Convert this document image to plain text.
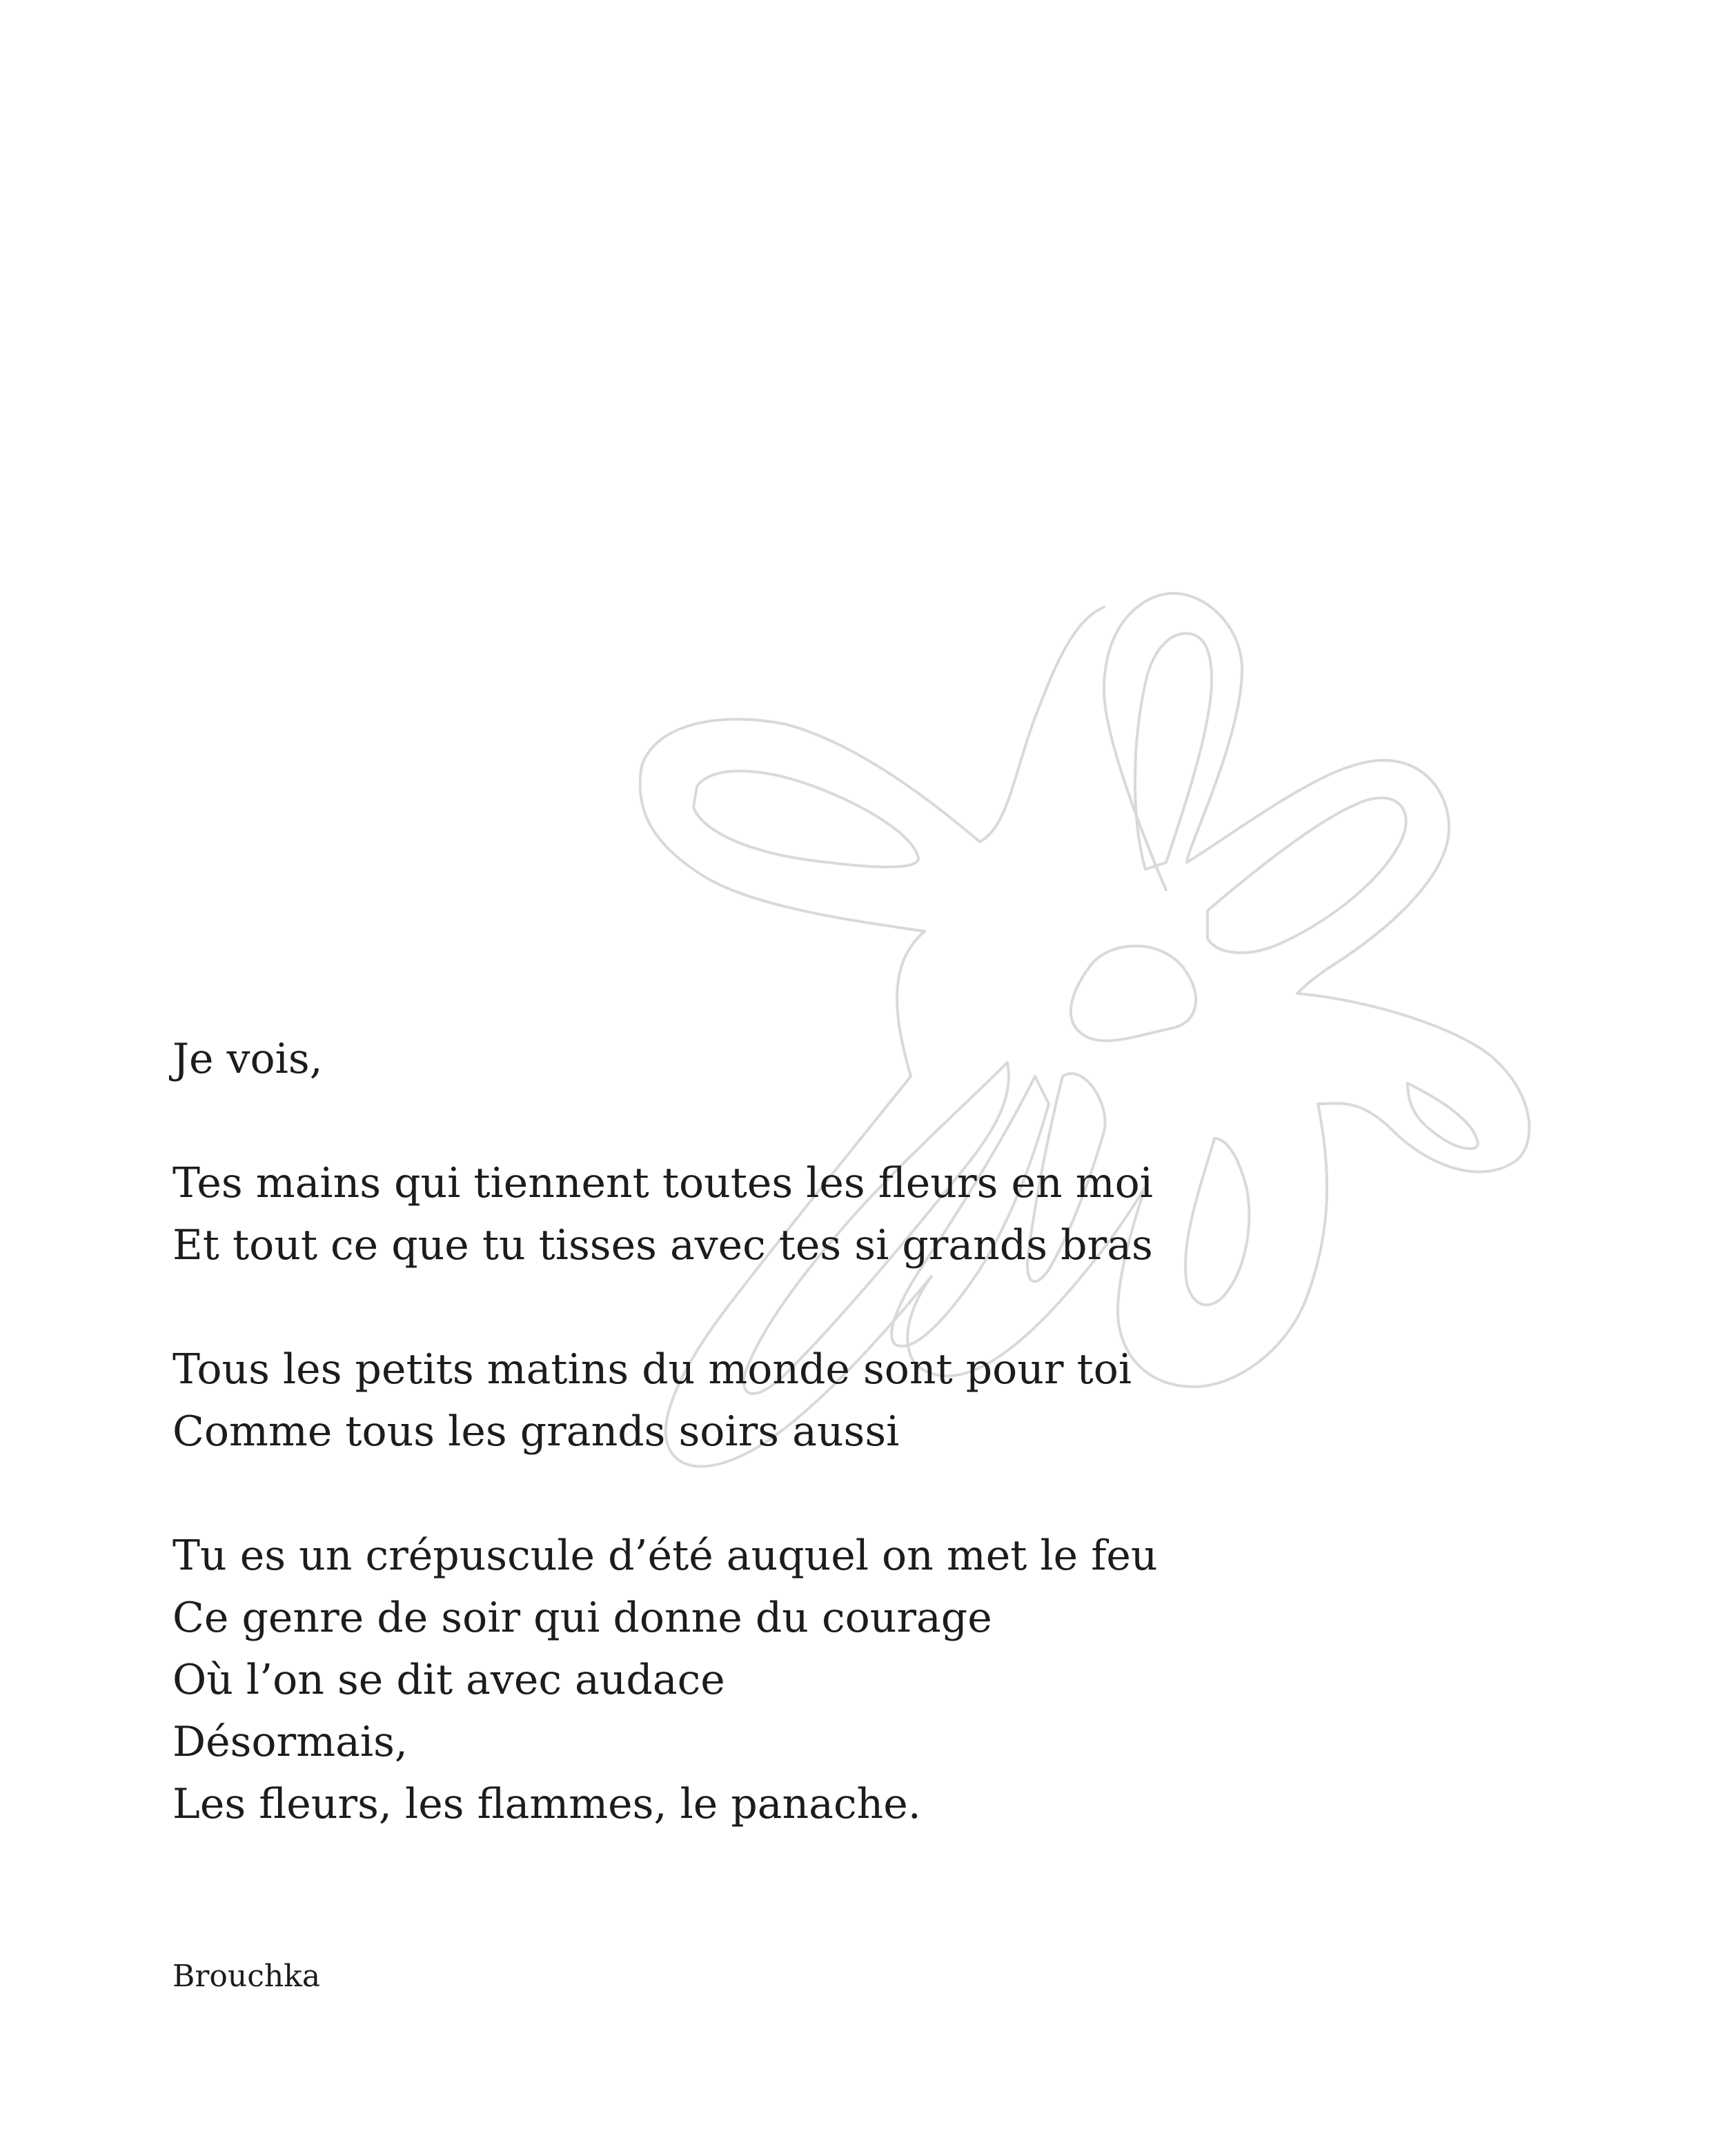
Je vois,
Tes mains qui tiennent toutes les fleurs en moi
Et tout ce que tu tisses avec tes si grands bras
Tous les petits matins du monde sont pour toi
Comme tous les grands soirs aussi
Tu es un crépuscule d’été auquel on met le feu
Ce genre de soir qui donne du courage
Où l’on se dit avec audace
Désormais,
Les fleurs, les flammes, le panache.
Brouchka
